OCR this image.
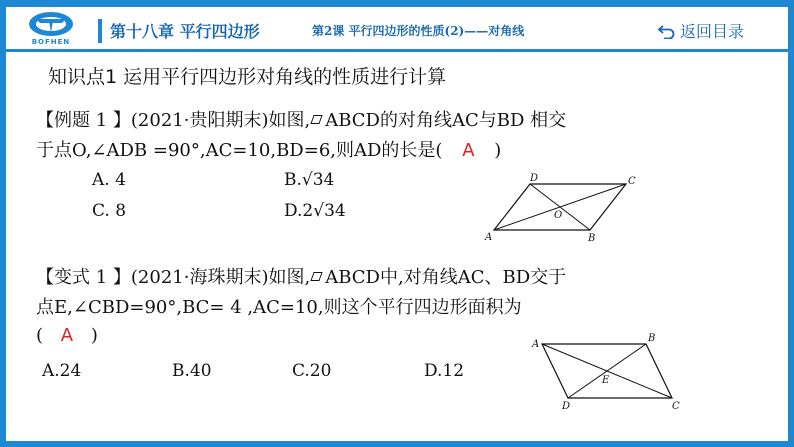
BOFHEN
第十八章 平行四边形	第2课 平行四边形的性质(2)——对角线	返回目录
知识点1 运用平行四边形对角线的性质进行计算
【例题 1 】(2021·贵阳期末)如图, ABCD的对角线AC与BD 相交
于点O,∠ADB =90°,AC=10,BD=6,则AD的长是( A )
A. 4	B.√34
C. 8	D.2√34
D	C
O
A	B
【变式 1 】(2021·海珠期末)如图, ABCD中,对角线AC、BD交于
点E,∠CBD=90°,BC= 4 ,AC=10,则这个平行四边形面积为
( A )
A.24	B.40	C.20	D.12
A
B
E
D	C
